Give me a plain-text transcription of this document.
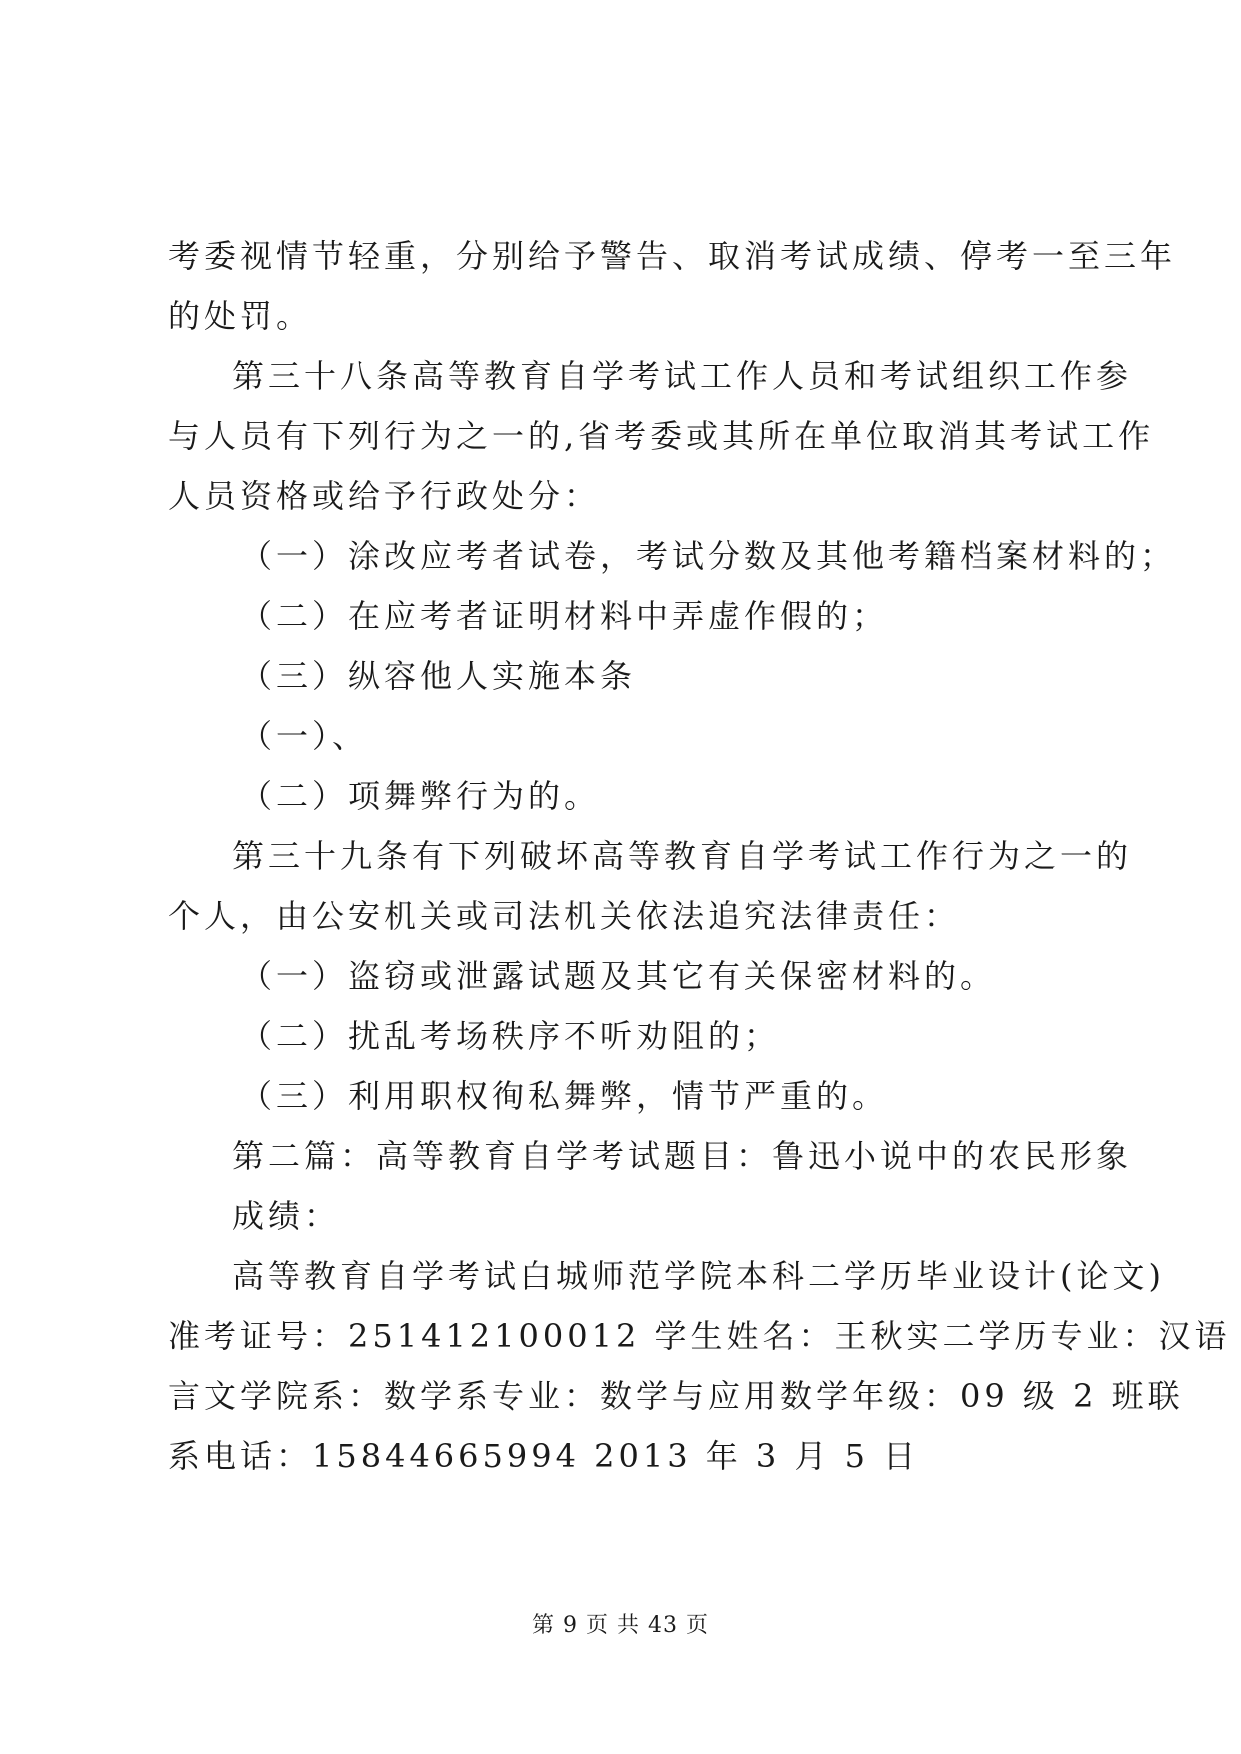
考委视情节轻重，分别给予警告、取消考试成绩、停考一至三年
的处罚。
第三十八条高等教育自学考试工作人员和考试组织工作参
与人员有下列行为之一的,省考委或其所在单位取消其考试工作
人员资格或给予行政处分：
（一）涂改应考者试卷，考试分数及其他考籍档案材料的；
（二）在应考者证明材料中弄虚作假的；
（三）纵容他人实施本条
（一）、
（二）项舞弊行为的。
第三十九条有下列破坏高等教育自学考试工作行为之一的
个人，由公安机关或司法机关依法追究法律责任：
（一）盗窃或泄露试题及其它有关保密材料的。
（二）扰乱考场秩序不听劝阻的；
（三）利用职权徇私舞弊，情节严重的。
第二篇：高等教育自学考试题目：鲁迅小说中的农民形象
成绩：
高等教育自学考试白城师范学院本科二学历毕业设计(论文)
准考证号：251412100012 学生姓名：王秋实二学历专业：汉语
言文学院系：数学系专业：数学与应用数学年级：09 级 2 班联
系电话：15844665994 2013 年 3 月 5 日
第 9 页 共 43 页
